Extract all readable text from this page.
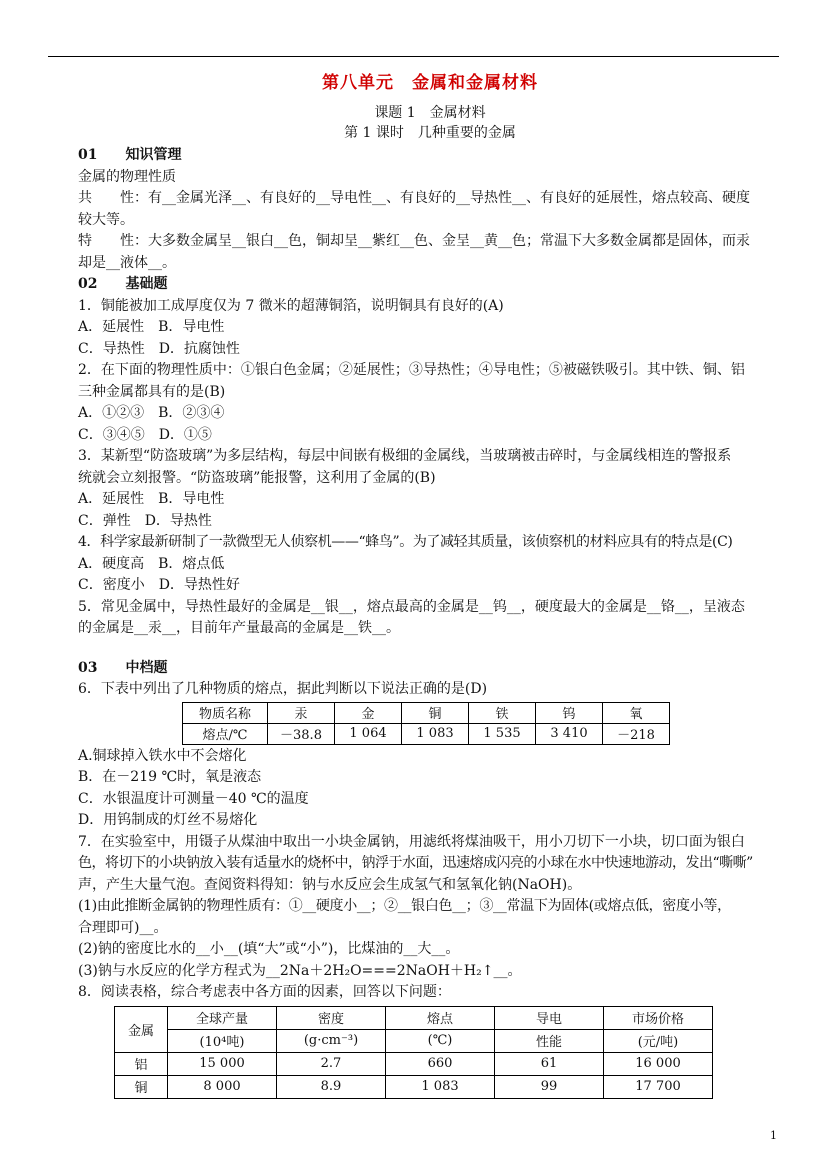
第八单元　金属和金属材料
课题 1　金属材料
第 1 课时　几种重要的金属
01　　知识管理
金属的物理性质
共　　性：有__金属光泽__、有良好的__导电性__、有良好的__导热性__、有良好的延展性，熔点较高、硬度
较大等。
特　　性：大多数金属呈__银白__色，铜却呈__紫红__色、金呈__黄__色；常温下大多数金属都是固体，而汞
却是__液体__。
02　　基础题
1．铜能被加工成厚度仅为 7 微米的超薄铜箔，说明铜具有良好的(A)
A．延展性　B．导电性
C．导热性　D．抗腐蚀性
2．在下面的物理性质中：①银白色金属；②延展性；③导热性；④导电性；⑤被磁铁吸引。其中铁、铜、铝
三种金属都具有的是(B)
A．①②③　B．②③④
C．③④⑤　D．①⑤
3．某新型“防盗玻璃”为多层结构，每层中间嵌有极细的金属线，当玻璃被击碎时，与金属线相连的警报系
统就会立刻报警。“防盗玻璃”能报警，这利用了金属的(B)
A．延展性　B．导电性
C．弹性　D．导热性
4．科学家最新研制了一款微型无人侦察机——“蜂鸟”。为了减轻其质量，该侦察机的材料应具有的特点是(C)
A．硬度高　B．熔点低
C．密度小　D．导热性好
5．常见金属中，导热性最好的金属是__银__，熔点最高的金属是__钨__，硬度最大的金属是__铬__，呈液态
的金属是__汞__，目前年产量最高的金属是__铁__。
03　　中档题
6．下表中列出了几种物质的熔点，据此判断以下说法正确的是(D)
物质名称	汞	金	铜	铁	钨	氧
熔点/℃	－38.8	1 064	1 083	1 535	3 410	－218
A.铜球掉入铁水中不会熔化
B．在－219 ℃时，氧是液态
C．水银温度计可测量－40 ℃的温度
D．用钨制成的灯丝不易熔化
7．在实验室中，用镊子从煤油中取出一小块金属钠，用滤纸将煤油吸干，用小刀切下一小块，切口面为银白
色，将切下的小块钠放入装有适量水的烧杯中，钠浮于水面，迅速熔成闪亮的小球在水中快速地游动，发出“嘶嘶”
声，产生大量气泡。查阅资料得知：钠与水反应会生成氢气和氢氧化钠(NaOH)。
(1)由此推断金属钠的物理性质有：①__硬度小__；②__银白色__；③__常温下为固体(或熔点低，密度小等，
合理即可)__。
(2)钠的密度比水的__小__(填“大”或“小”)，比煤油的__大__。
(3)钠与水反应的化学方程式为__2Na＋2H₂O===2NaOH＋H₂↑__。
8．阅读表格，综合考虑表中各方面的因素，回答以下问题：
金属	全球产量	密度	熔点	导电	市场价格
	(10⁴吨)	(g·cm⁻³)	(℃)	性能	(元/吨)
铝	15 000	2.7	660	61	16 000
铜	8 000	8.9	1 083	99	17 700
1
